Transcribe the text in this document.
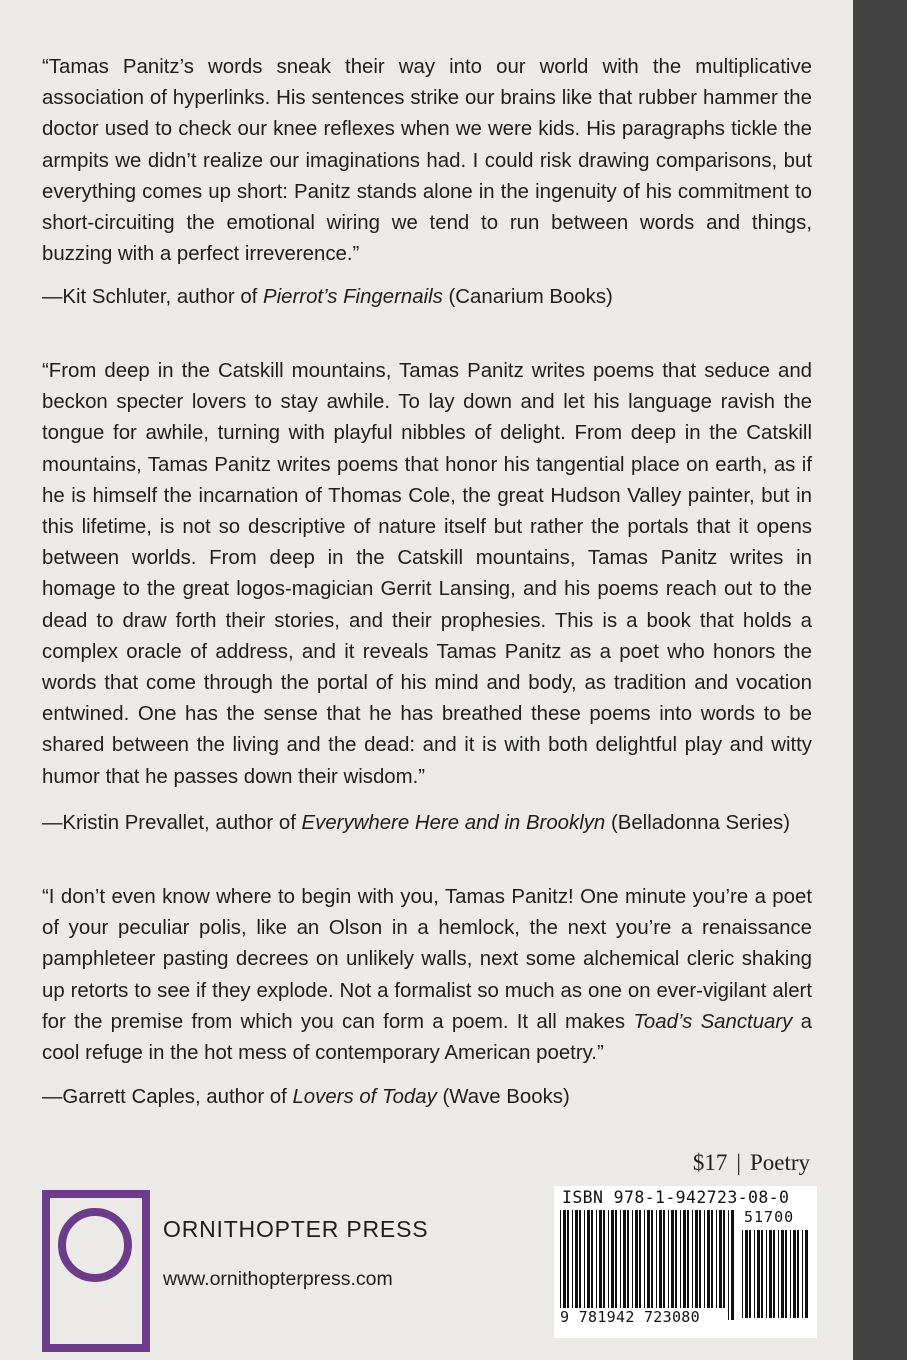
“Tamas Panitz’s words sneak their way into our world with the multiplicative association of hyperlinks. His sentences strike our brains like that rubber hammer the doctor used to check our knee reflexes when we were kids. His paragraphs tickle the armpits we didn’t realize our imaginations had. I could risk drawing comparisons, but everything comes up short: Panitz stands alone in the ingenuity of his commitment to short-circuiting the emotional wiring we tend to run between words and things, buzzing with a perfect irreverence.”

—Kit Schluter, author of Pierrot’s Fingernails (Canarium Books)

“From deep in the Catskill mountains, Tamas Panitz writes poems that seduce and beckon specter lovers to stay awhile. To lay down and let his language ravish the tongue for awhile, turning with playful nibbles of delight. From deep in the Catskill mountains, Tamas Panitz writes poems that honor his tangential place on earth, as if he is himself the incarnation of Thomas Cole, the great Hudson Valley painter, but in this lifetime, is not so descriptive of nature itself but rather the portals that it opens between worlds. From deep in the Catskill mountains, Tamas Panitz writes in homage to the great logos-magician Gerrit Lansing, and his poems reach out to the dead to draw forth their stories, and their prophesies. This is a book that holds a complex oracle of address, and it reveals Tamas Panitz as a poet who honors the words that come through the portal of his mind and body, as tradition and vocation entwined. One has the sense that he has breathed these poems into words to be shared between the living and the dead: and it is with both delightful play and witty humor that he passes down their wisdom.”

—Kristin Prevallet, author of Everywhere Here and in Brooklyn (Belladonna Series)

“I don’t even know where to begin with you, Tamas Panitz! One minute you’re a poet of your peculiar polis, like an Olson in a hemlock, the next you’re a renaissance pamphleteer pasting decrees on unlikely walls, next some alchemical cleric shaking up retorts to see if they explode. Not a formalist so much as one on ever-vigilant alert for the premise from which you can form a poem. It all makes Toad’s Sanctuary a cool refuge in the hot mess of contemporary American poetry.”

—Garrett Caples, author of Lovers of Today (Wave Books)
$17 | Poetry
ORNITHOPTER PRESS
www.ornithopterpress.com
ISBN 978-1-942723-08-0
9 781942 723080
51700
